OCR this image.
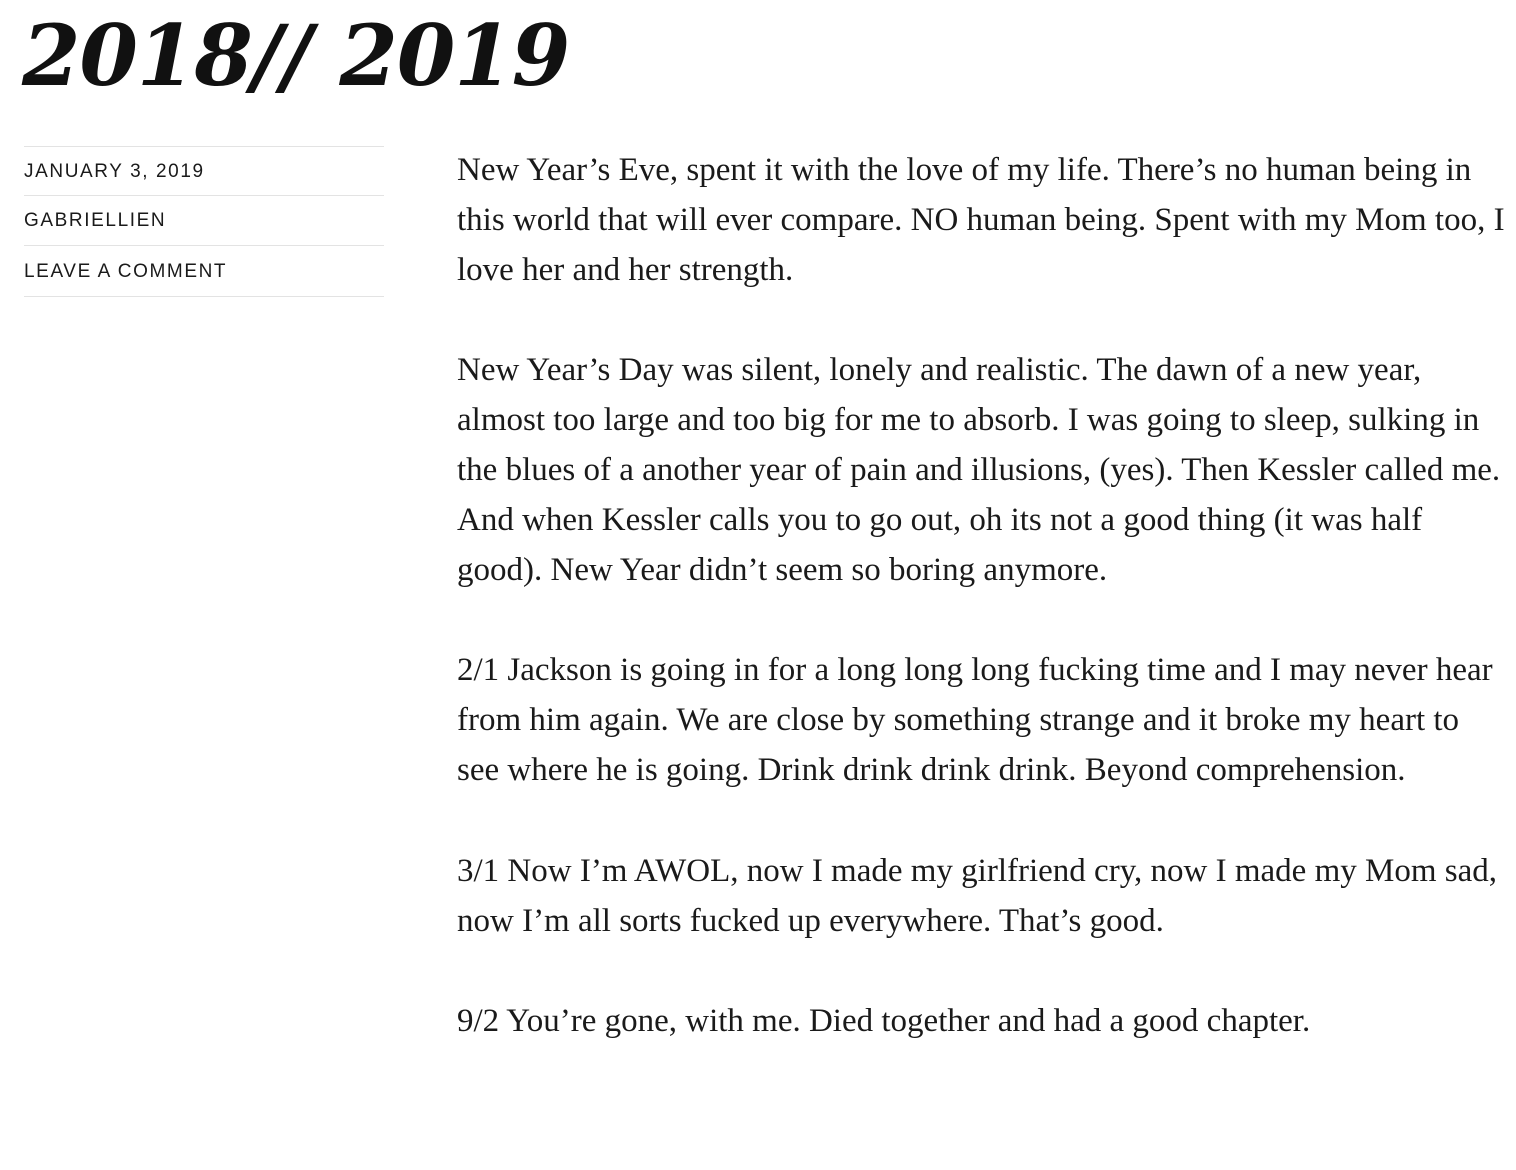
2018// 2019
JANUARY 3, 2019
GABRIELLIEN
LEAVE A COMMENT

New Year’s Eve, spent it with the love of my life. There’s no human being in this world that will ever compare. NO human being. Spent with my Mom too, I love her and her strength.

New Year’s Day was silent, lonely and realistic. The dawn of a new year, almost too large and too big for me to absorb. I was going to sleep, sulking in the blues of a another year of pain and illusions, (yes). Then Kessler called me. And when Kessler calls you to go out, oh its not a good thing (it was half good). New Year didn’t seem so boring anymore.

2/1 Jackson is going in for a long long long fucking time and I may never hear from him again. We are close by something strange and it broke my heart to see where he is going. Drink drink drink drink. Beyond comprehension.

3/1 Now I’m AWOL, now I made my girlfriend cry, now I made my Mom sad, now I’m all sorts fucked up everywhere. That’s good.

9/2 You’re gone, with me. Died together and had a good chapter.
